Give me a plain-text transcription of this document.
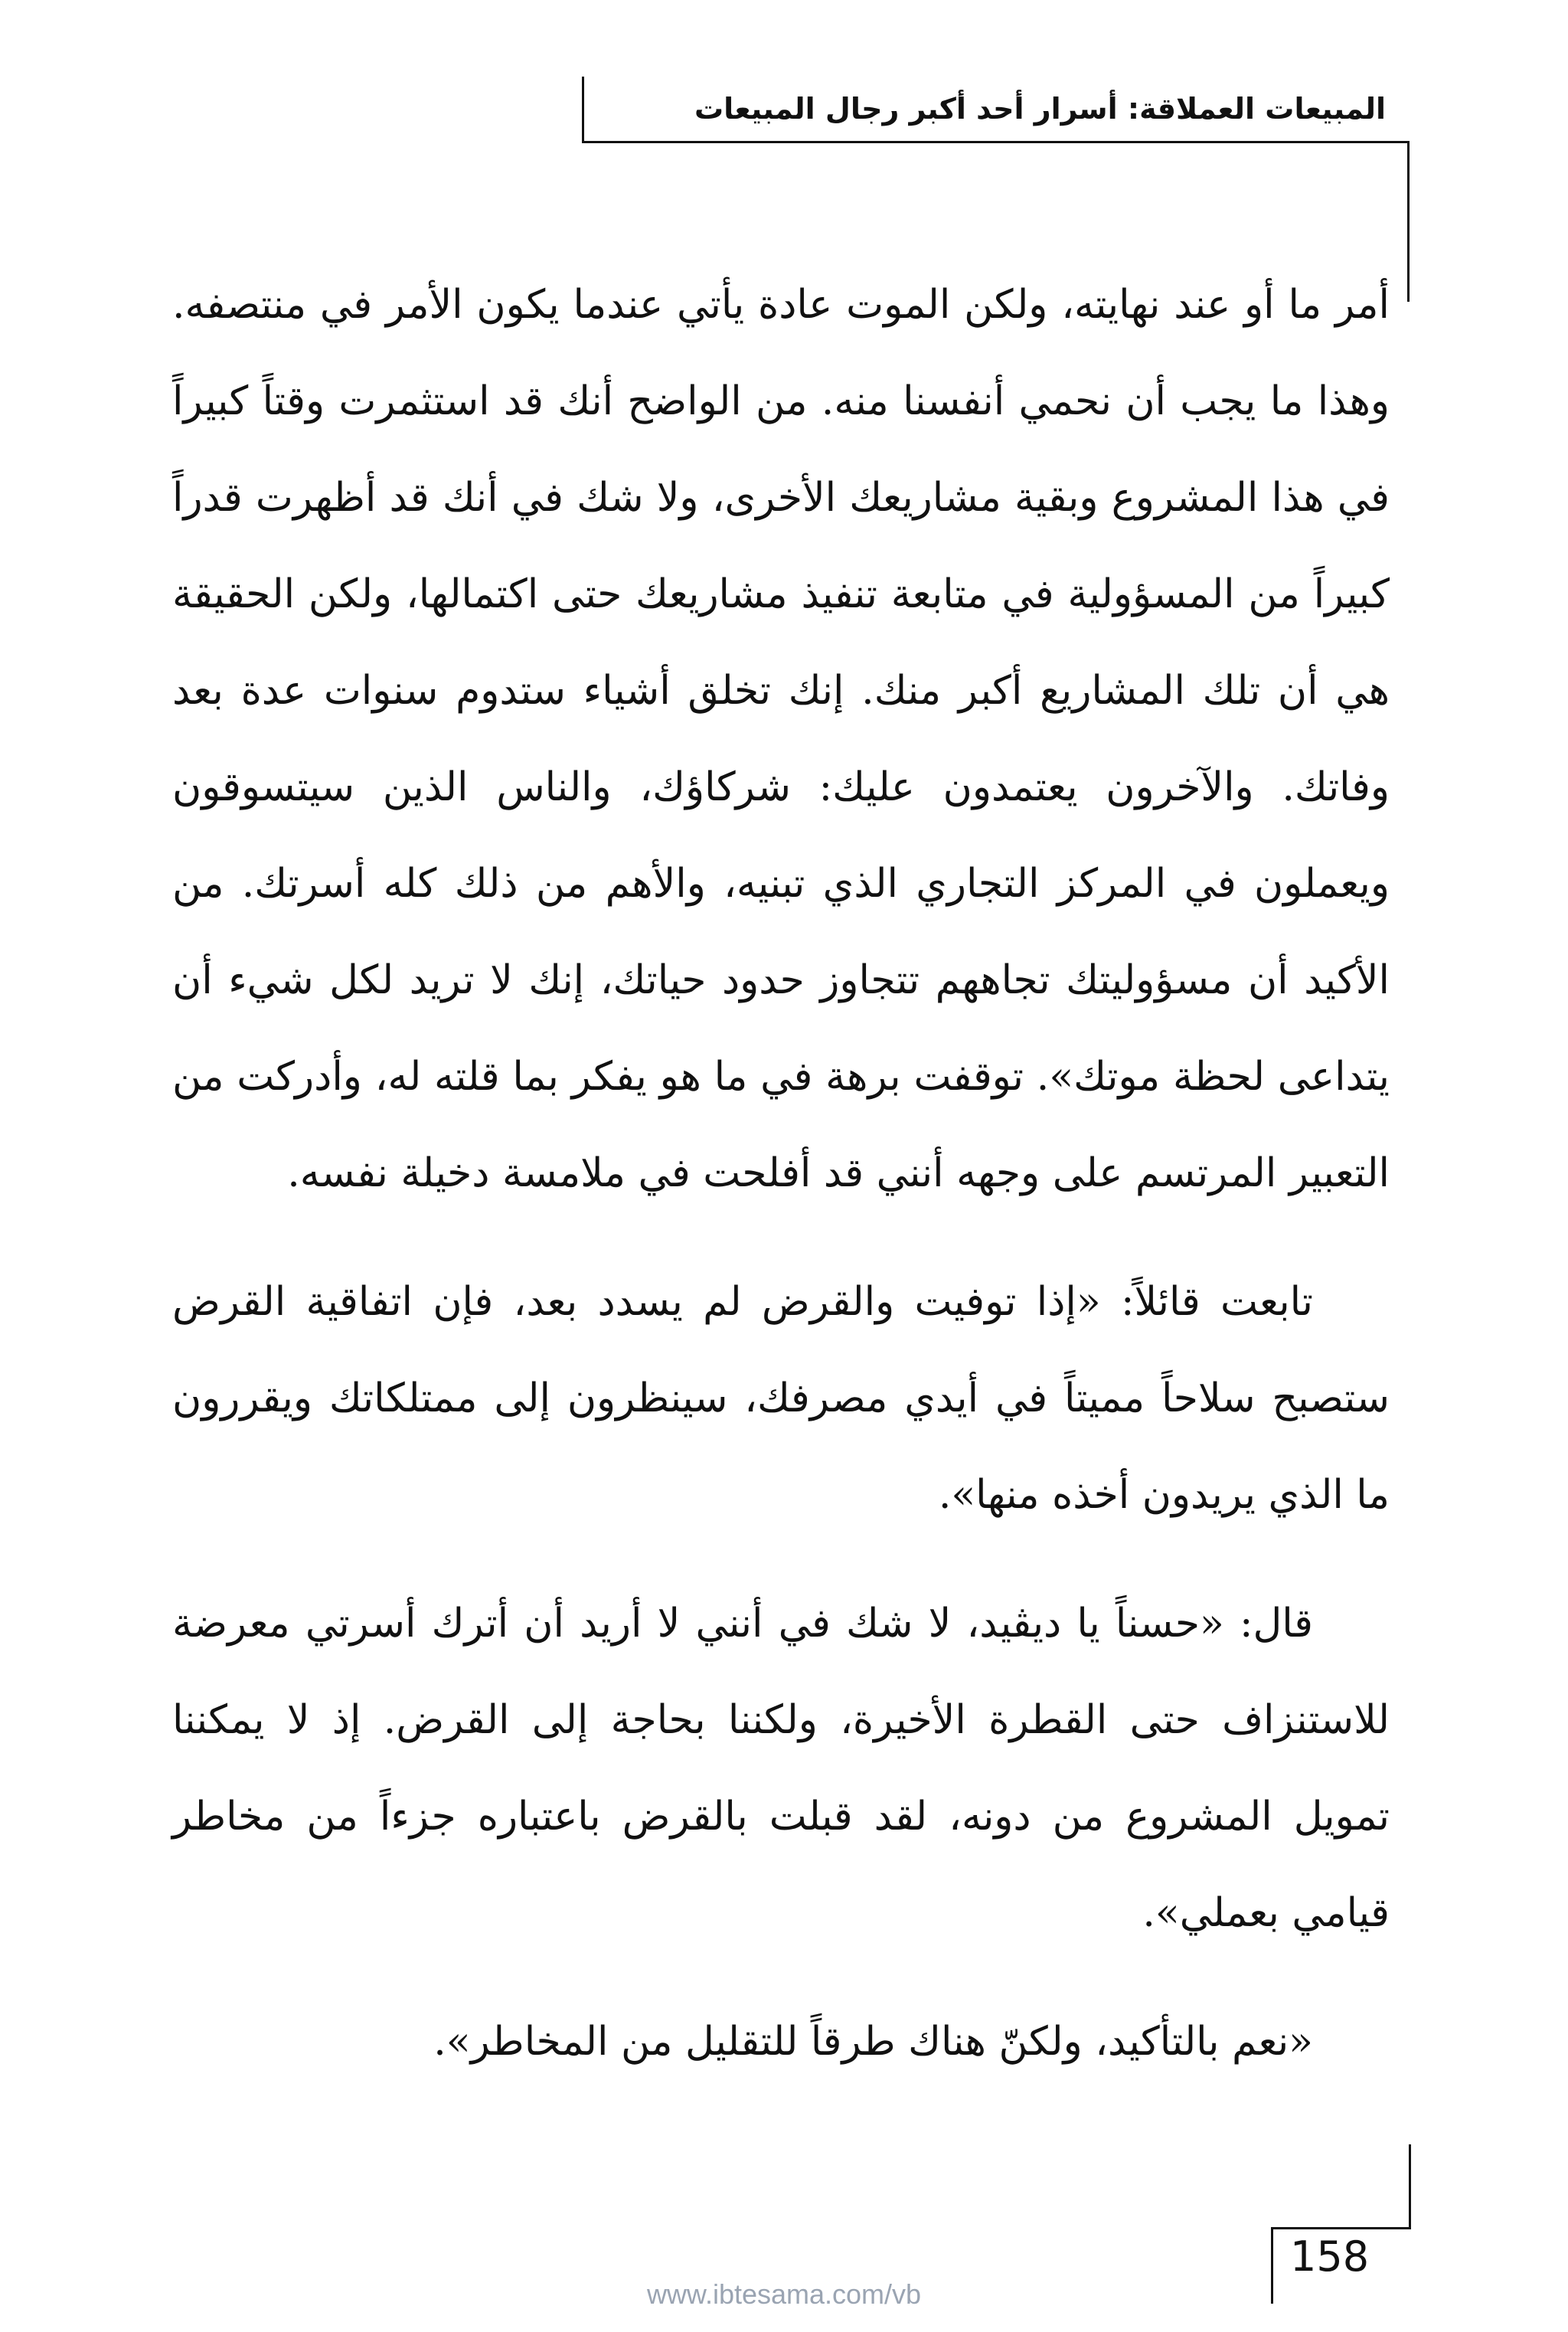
المبيعات العملاقة: أسرار أحد أكبر رجال المبيعات

أمر ما أو عند نهايته، ولكن الموت عادة يأتي عندما يكون الأمر في منتصفه. وهذا ما يجب أن نحمي أنفسنا منه. من الواضح أنك قد استثمرت وقتاً كبيراً في هذا المشروع وبقية مشاريعك الأخرى، ولا شك في أنك قد أظهرت قدراً كبيراً من المسؤولية في متابعة تنفيذ مشاريعك حتى اكتمالها، ولكن الحقيقة هي أن تلك المشاريع أكبر منك. إنك تخلق أشياء ستدوم سنوات عدة بعد وفاتك. والآخرون يعتمدون عليك: شركاؤك، والناس الذين سيتسوقون ويعملون في المركز التجاري الذي تبنيه، والأهم من ذلك كله أسرتك. من الأكيد أن مسؤوليتك تجاههم تتجاوز حدود حياتك، إنك لا تريد لكل شيء أن يتداعى لحظة موتك». توقفت برهة في ما هو يفكر بما قلته له، وأدركت من التعبير المرتسم على وجهه أنني قد أفلحت في ملامسة دخيلة نفسه.

تابعت قائلاً: «إذا توفيت والقرض لم يسدد بعد، فإن اتفاقية القرض ستصبح سلاحاً مميتاً في أيدي مصرفك، سينظرون إلى ممتلكاتك ويقررون ما الذي يريدون أخذه منها».

قال: «حسناً يا ديڤيد، لا شك في أنني لا أريد أن أترك أسرتي معرضة للاستنزاف حتى القطرة الأخيرة، ولكننا بحاجة إلى القرض. إذ لا يمكننا تمويل المشروع من دونه، لقد قبلت بالقرض باعتباره جزءاً من مخاطر قيامي بعملي».

«نعم بالتأكيد، ولكنّ هناك طرقاً للتقليل من المخاطر».

158
www.ibtesama.com/vb
